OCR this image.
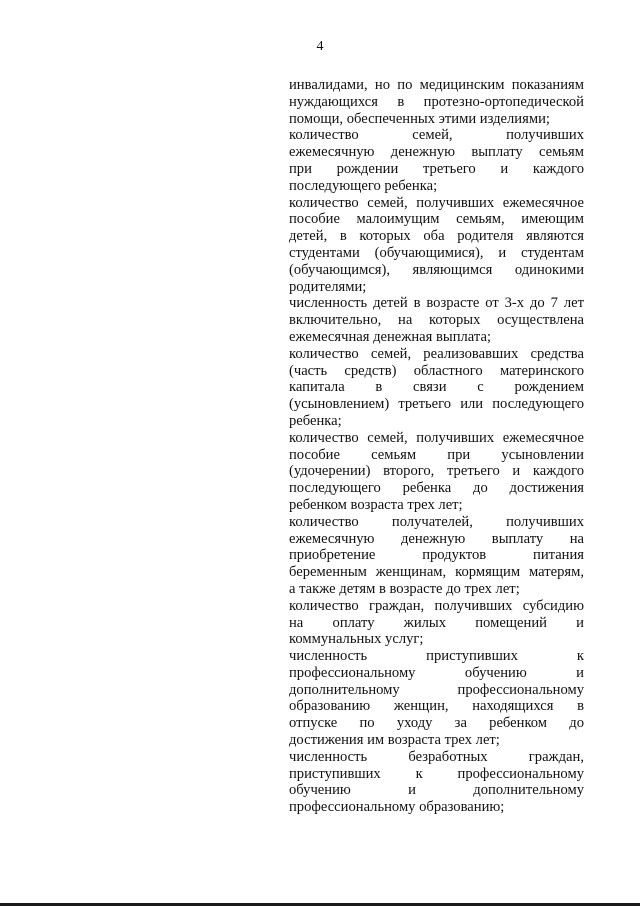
4
инвалидами, но по медицинским показаниям
нуждающихся в протезно-ортопедической
помощи, обеспеченных этими изделиями;
количество семей, получивших
ежемесячную денежную выплату семьям
при рождении третьего и каждого
последующего ребенка;
количество семей, получивших ежемесячное
пособие малоимущим семьям, имеющим
детей, в которых оба родителя являются
студентами (обучающимися), и студентам
(обучающимся), являющимся одинокими
родителями;
численность детей в возрасте от 3-х до 7 лет
включительно, на которых осуществлена
ежемесячная денежная выплата;
количество семей, реализовавших средства
(часть средств) областного материнского
капитала в связи с рождением
(усыновлением) третьего или последующего
ребенка;
количество семей, получивших ежемесячное
пособие семьям при усыновлении
(удочерении) второго, третьего и каждого
последующего ребенка до достижения
ребенком возраста трех лет;
количество получателей, получивших
ежемесячную денежную выплату на
приобретение продуктов питания
беременным женщинам, кормящим матерям,
а также детям в возрасте до трех лет;
количество граждан, получивших субсидию
на оплату жилых помещений и
коммунальных услуг;
численность приступивших к
профессиональному обучению и
дополнительному профессиональному
образованию женщин, находящихся в
отпуске по уходу за ребенком до
достижения им возраста трех лет;
численность безработных граждан,
приступивших к профессиональному
обучению и дополнительному
профессиональному образованию;
